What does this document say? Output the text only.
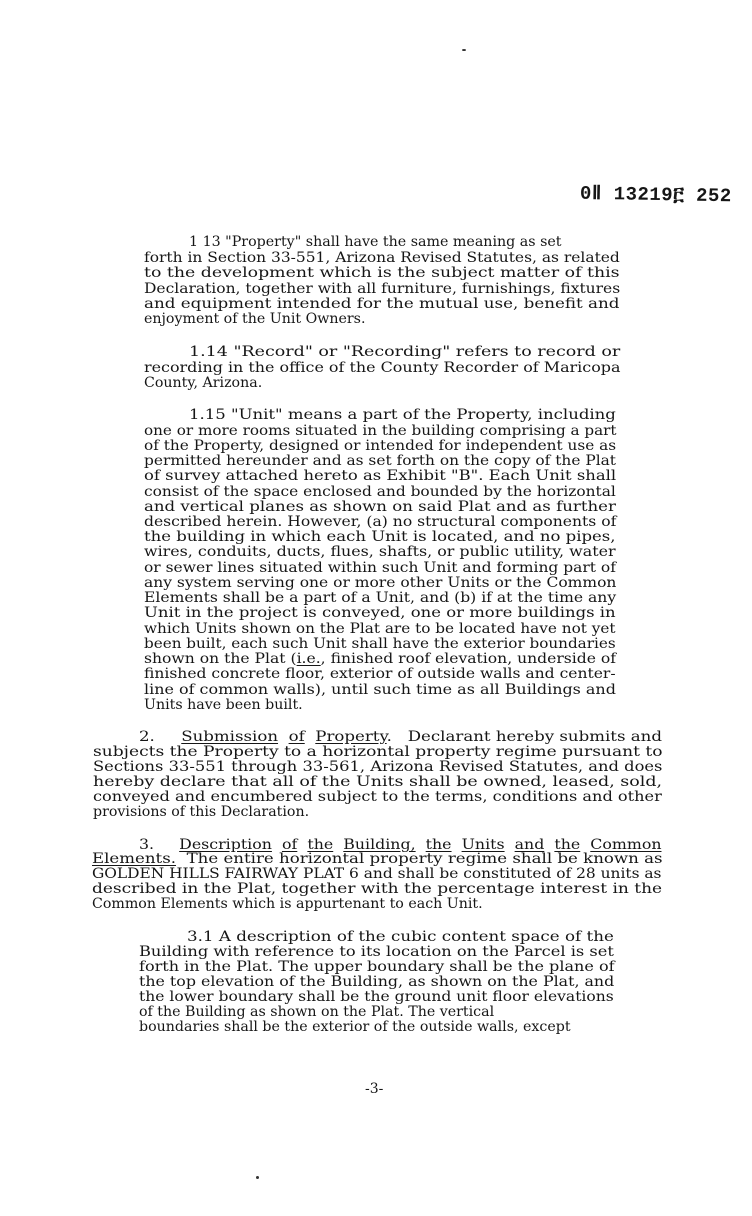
0Ⅱ 13219፫ 252
1 13 "Property" shall have the same meaning as set
forth in Section 33-551, Arizona Revised Statutes, as related
to the development which is the subject matter of this
Declaration, together with all furniture, furnishings, fixtures
and equipment intended for the mutual use, benefit and
enjoyment of the Unit Owners.
1.14 "Record" or "Recording" refers to record or
recording in the office of the County Recorder of Maricopa
County, Arizona.
1.15 "Unit" means a part of the Property, including
one or more rooms situated in the building comprising a part
of the Property, designed or intended for independent use as
permitted hereunder and as set forth on the copy of the Plat
of survey attached hereto as Exhibit "B". Each Unit shall
consist of the space enclosed and bounded by the horizontal
and vertical planes as shown on said Plat and as further
described herein. However, (a) no structural components of
the building in which each Unit is located, and no pipes,
wires, conduits, ducts, flues, shafts, or public utility, water
or sewer lines situated within such Unit and forming part of
any system serving one or more other Units or the Common
Elements shall be a part of a Unit, and (b) if at the time any
Unit in the project is conveyed, one or more buildings in
which Units shown on the Plat are to be located have not yet
been built, each such Unit shall have the exterior boundaries
shown on the Plat (i.e., finished roof elevation, underside of
finished concrete floor, exterior of outside walls and center-
line of common walls), until such time as all Buildings and
Units have been built.
2. Submission of Property.   Declarant hereby submits and
subjects the Property to a horizontal property regime pursuant to
Sections 33-551 through 33-561, Arizona Revised Statutes, and does
hereby declare that all of the Units shall be owned, leased, sold,
conveyed and encumbered subject to the terms, conditions and other
provisions of this Declaration.
3. Description of the Building, the Units and the Common
Elements. The entire horizontal property regime shall be known as
GOLDEN HILLS FAIRWAY PLAT 6 and shall be constituted of 28 units as
described in the Plat, together with the percentage interest in the
Common Elements which is appurtenant to each Unit.
3.1 A description of the cubic content space of the
Building with reference to its location on the Parcel is set
forth in the Plat. The upper boundary shall be the plane of
the top elevation of the Building, as shown on the Plat, and
the lower boundary shall be the ground unit floor elevations
of the Building as shown on the Plat. The vertical
boundaries shall be the exterior of the outside walls, except
-3-
